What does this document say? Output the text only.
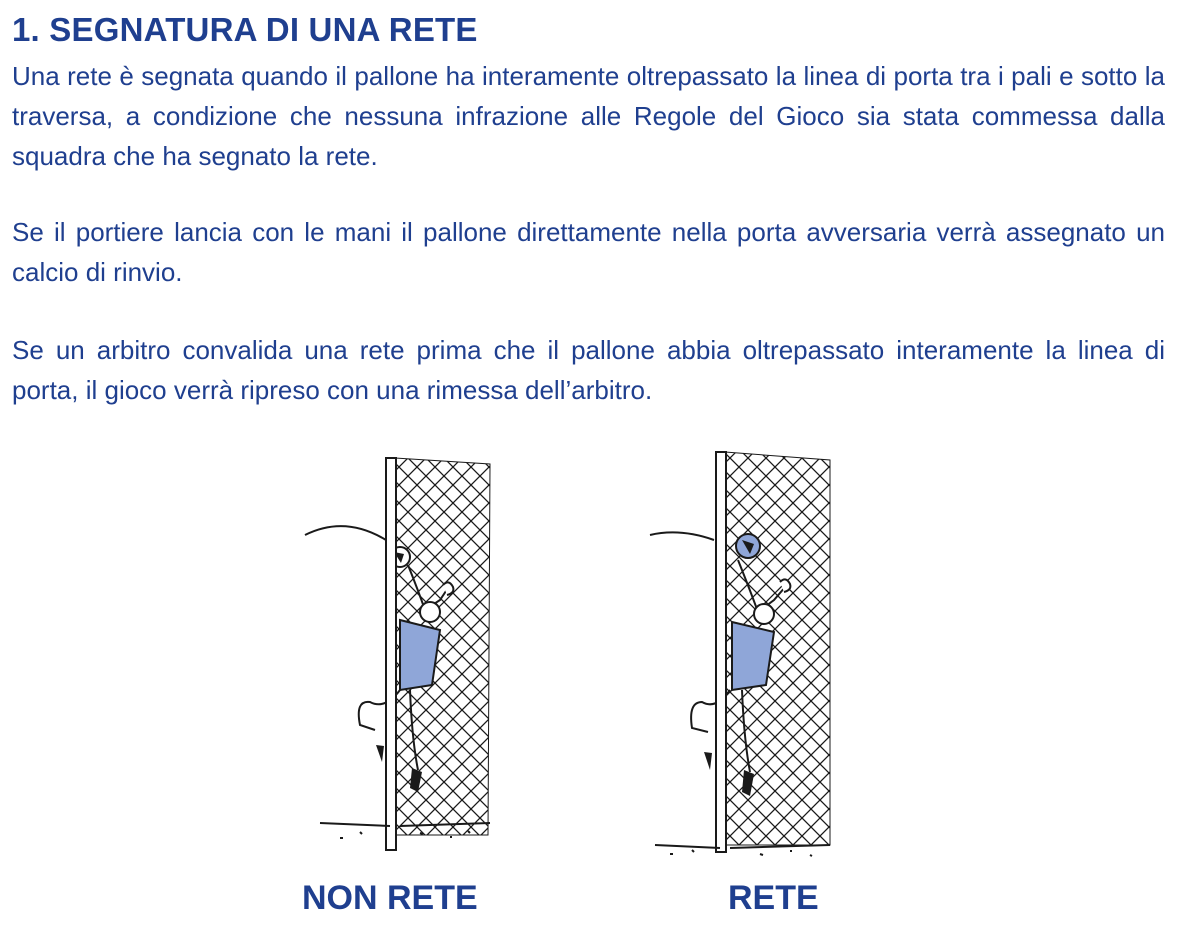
1. SEGNATURA DI UNA RETE

Una rete è segnata quando il pallone ha interamente oltrepassato la linea di porta tra i pali e sotto la traversa, a condizione che nessuna infrazione alle Regole del Gioco sia stata commessa dalla squadra che ha segnato la rete.

Se il portiere lancia con le mani il pallone direttamente nella porta avversaria verrà assegnato un calcio di rinvio.

Se un arbitro convalida una rete prima che il pallone abbia oltrepassato interamente la linea di porta, il gioco verrà ripreso con una rimessa dell’arbitro.

NON RETE	RETE
